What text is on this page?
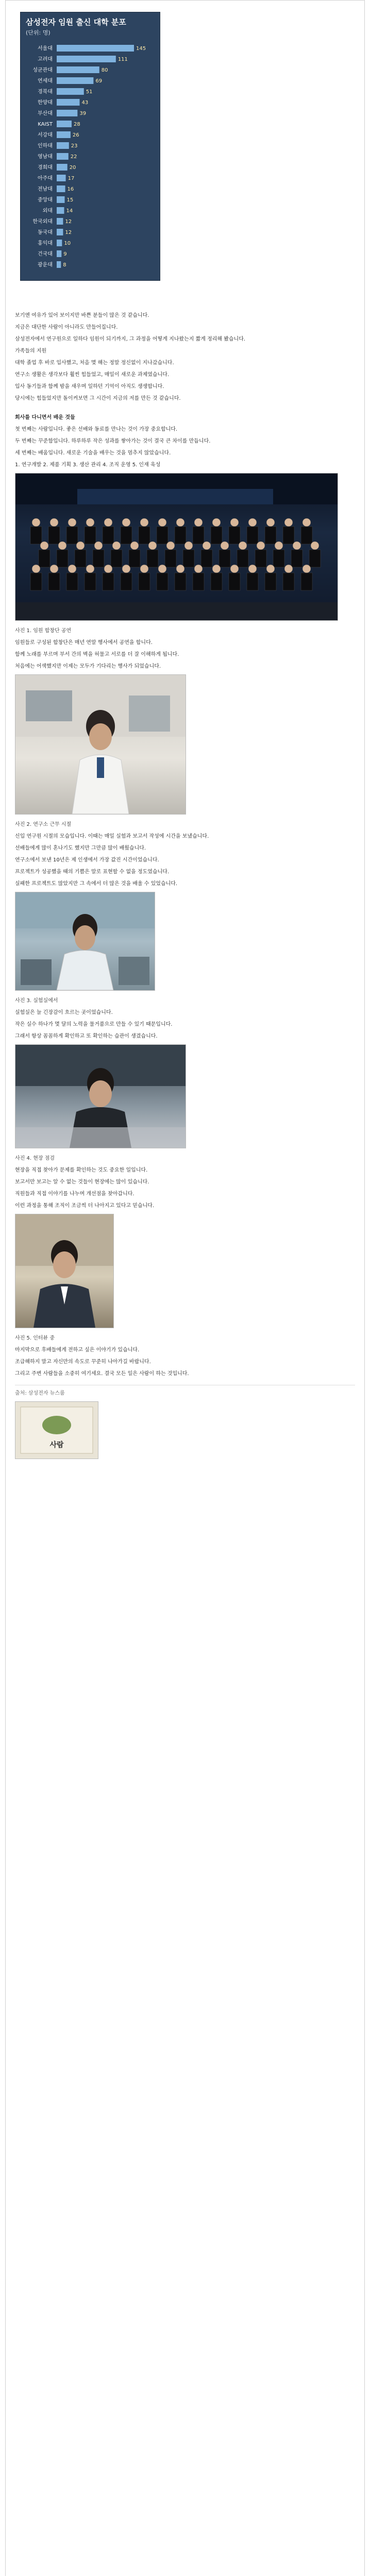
삼성전자 임원 출신 대학 분포
(단위: 명)
서울대	145
고려대	111
성균관대	80
연세대	69
경북대	51
한양대	43
부산대	39
KAIST	28
서강대	26
인하대	23
영남대	22
경희대	20
아주대	17
전남대	16
중앙대	15
외대	14
한국외대 12
동국대 12
홍익대 10
건국대 9
광운대 8

보기엔 여유가 있어 보이지만 바쁜 분들이 많은 것 같습니다.

지금은 대단한 사람이 아니라도 만들어집니다.

삼성전자에서 연구원으로 일하다 임원이 되기까지, 그 과정을 어떻게 지나왔는지 짧게 정리해 봤습니다.

가족들의 지원

대학 졸업 후 바로 입사했고, 처음 몇 해는 정말 정신없이 지나갔습니다.

연구소 생활은 생각보다 훨씬 힘들었고, 매일이 새로운 과제였습니다.

입사 동기들과 함께 밤을 새우며 일하던 기억이 아직도 생생합니다.

당시에는 힘들었지만 돌이켜보면 그 시간이 지금의 저를 만든 것 같습니다.

회사를 다니면서 배운 것들

첫 번째는 사람입니다. 좋은 선배와 동료를 만나는 것이 가장 중요합니다.

두 번째는 꾸준함입니다. 하루하루 작은 성과를 쌓아가는 것이 결국 큰 차이를 만듭니다.

세 번째는 배움입니다. 새로운 기술을 배우는 것을 멈추지 않았습니다.

1. 연구개발 2. 제품 기획 3. 생산 관리 4. 조직 운영 5. 인재 육성

사진 1. 임원 합창단 공연

임원들로 구성된 합창단은 매년 연말 행사에서 공연을 합니다.

함께 노래를 부르며 부서 간의 벽을 허물고 서로를 더 잘 이해하게 됩니다.

처음에는 어색했지만 이제는 모두가 기다리는 행사가 되었습니다.

사진 2. 연구소 근무 시절

신입 연구원 시절의 모습입니다. 이때는 매일 실험과 보고서 작성에 시간을 보냈습니다.

선배들에게 많이 혼나기도 했지만 그만큼 많이 배웠습니다.

연구소에서 보낸 10년은 제 인생에서 가장 값진 시간이었습니다.

프로젝트가 성공했을 때의 기쁨은 말로 표현할 수 없을 정도였습니다.

실패한 프로젝트도 많았지만 그 속에서 더 많은 것을 배울 수 있었습니다.

사진 3. 실험실에서

실험실은 늘 긴장감이 흐르는 곳이었습니다.

작은 실수 하나가 몇 달의 노력을 물거품으로 만들 수 있기 때문입니다.

그래서 항상 꼼꼼하게 확인하고 또 확인하는 습관이 생겼습니다.

사진 4. 현장 점검

현장을 직접 찾아가 문제를 확인하는 것도 중요한 일입니다.

보고서만 보고는 알 수 없는 것들이 현장에는 많이 있습니다.

직원들과 직접 이야기를 나누며 개선점을 찾아갑니다.

이런 과정을 통해 조직이 조금씩 더 나아지고 있다고 믿습니다.

사진 5. 인터뷰 중

마지막으로 후배들에게 전하고 싶은 이야기가 있습니다.

조급해하지 말고 자신만의 속도로 꾸준히 나아가길 바랍니다.

그리고 주변 사람들을 소중히 여기세요. 결국 모든 일은 사람이 하는 것입니다.

출처: 삼성전자 뉴스룸

사람
